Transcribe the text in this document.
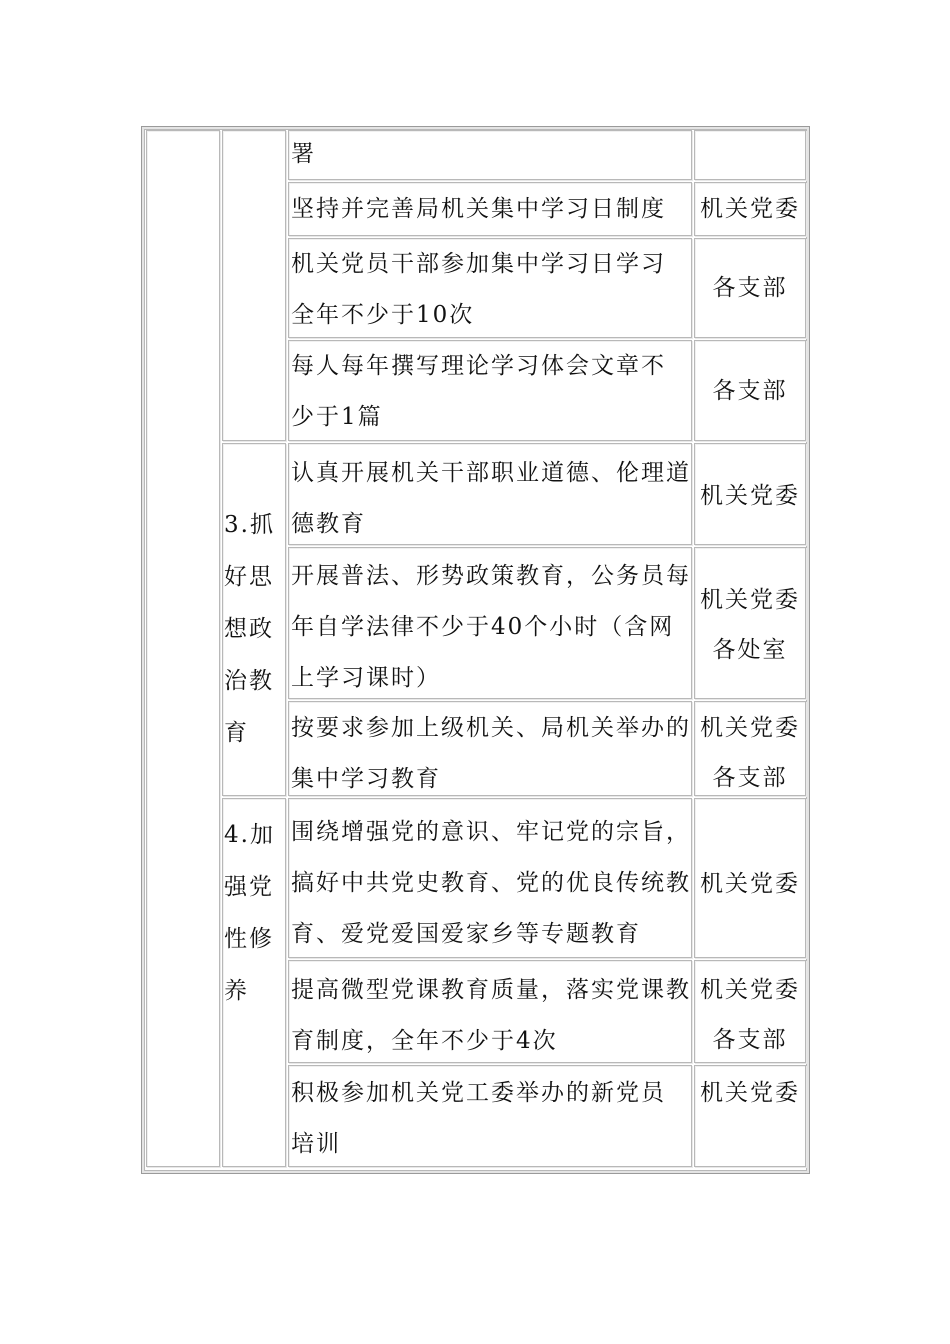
3.抓
好思
想政
治教
育
4.加
强党
性修
养
署
坚持并完善局机关集中学习日制度 机关党委
机关党员干部参加集中学习日学习
全年不少于10次
各支部
每人每年撰写理论学习体会文章不
少于1篇
各支部
认真开展机关干部职业道德、伦理道
德教育
机关党委
开展普法、形势政策教育，公务员每
年自学法律不少于40个小时（含网
上学习课时）
机关党委
各处室
按要求参加上级机关、局机关举办的
集中学习教育
机关党委
各支部
围绕增强党的意识、牢记党的宗旨，
搞好中共党史教育、党的优良传统教
育、爱党爱国爱家乡等专题教育
机关党委
提高微型党课教育质量，落实党课教
育制度，全年不少于4次
机关党委
各支部
积极参加机关党工委举办的新党员
培训
机关党委
